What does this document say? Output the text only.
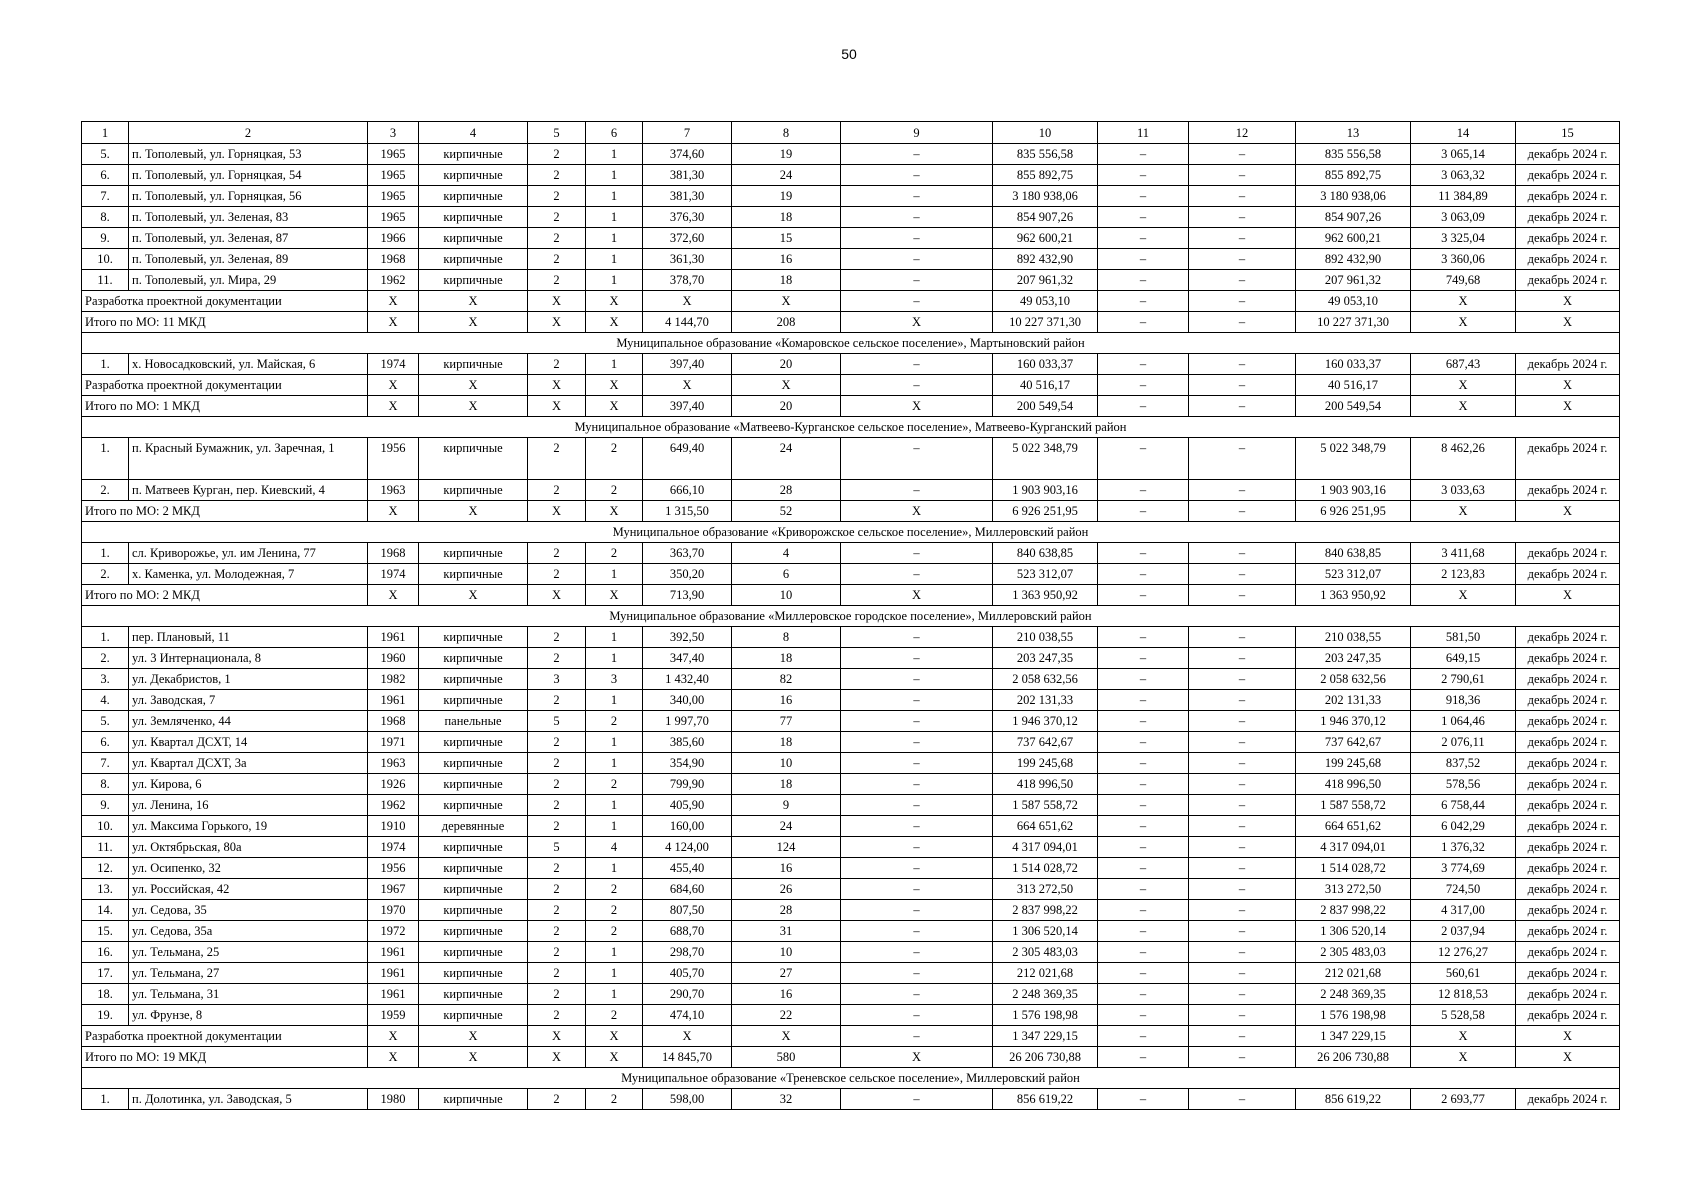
50
1	2	3	4	5	6	7	8	9	10	11	12	13	14	15
5.	п. Тополевый, ул. Горняцкая, 53	1965	кирпичные	2	1	374,60	19	–	835 556,58	–	–	835 556,58	3 065,14	декабрь 2024 г.
6.	п. Тополевый, ул. Горняцкая, 54	1965	кирпичные	2	1	381,30	24	–	855 892,75	–	–	855 892,75	3 063,32	декабрь 2024 г.
7.	п. Тополевый, ул. Горняцкая, 56	1965	кирпичные	2	1	381,30	19	–	3 180 938,06	–	–	3 180 938,06	11 384,89	декабрь 2024 г.
8.	п. Тополевый, ул. Зеленая, 83	1965	кирпичные	2	1	376,30	18	–	854 907,26	–	–	854 907,26	3 063,09	декабрь 2024 г.
9.	п. Тополевый, ул. Зеленая, 87	1966	кирпичные	2	1	372,60	15	–	962 600,21	–	–	962 600,21	3 325,04	декабрь 2024 г.
10.	п. Тополевый, ул. Зеленая, 89	1968	кирпичные	2	1	361,30	16	–	892 432,90	–	–	892 432,90	3 360,06	декабрь 2024 г.
11.	п. Тополевый, ул. Мира, 29	1962	кирпичные	2	1	378,70	18	–	207 961,32	–	–	207 961,32	749,68	декабрь 2024 г.
Разработка проектной документации		X	X	X	X	X	X	–	49 053,10	–	–	49 053,10	X	X
Итого по МО: 11 МКД		X	X	X	X	4 144,70	208	X	10 227 371,30	–	–	10 227 371,30	X	X
Муниципальное образование «Комаровское сельское поселение», Мартыновский район														
1.	х. Новосадковский, ул. Майская, 6	1974	кирпичные	2	1	397,40	20	–	160 033,37	–	–	160 033,37	687,43	декабрь 2024 г.
Разработка проектной документации		X	X	X	X	X	X	–	40 516,17	–	–	40 516,17	X	X
Итого по МО: 1 МКД		X	X	X	X	397,40	20	X	200 549,54	–	–	200 549,54	X	X
Муниципальное образование «Матвеево-Курганское сельское поселение», Матвеево-Курганский район														
1.	п. Красный Бумажник, ул. Заречная, 1	1956	кирпичные	2	2	649,40	24	–	5 022 348,79	–	–	5 022 348,79	8 462,26	декабрь 2024 г.
2.	п. Матвеев Курган, пер. Киевский, 4	1963	кирпичные	2	2	666,10	28	–	1 903 903,16	–	–	1 903 903,16	3 033,63	декабрь 2024 г.
Итого по МО: 2 МКД		X	X	X	X	1 315,50	52	X	6 926 251,95	–	–	6 926 251,95	X	X
Муниципальное образование «Криворожское сельское поселение», Миллеровский район														
1.	сл. Криворожье, ул. им Ленина, 77	1968	кирпичные	2	2	363,70	4	–	840 638,85	–	–	840 638,85	3 411,68	декабрь 2024 г.
2.	х. Каменка, ул. Молодежная, 7	1974	кирпичные	2	1	350,20	6	–	523 312,07	–	–	523 312,07	2 123,83	декабрь 2024 г.
Итого по МО: 2 МКД		X	X	X	X	713,90	10	X	1 363 950,92	–	–	1 363 950,92	X	X
Муниципальное образование «Миллеровское городское поселение», Миллеровский район														
1.	пер. Плановый, 11	1961	кирпичные	2	1	392,50	8	–	210 038,55	–	–	210 038,55	581,50	декабрь 2024 г.
2.	ул. 3 Интернационала, 8	1960	кирпичные	2	1	347,40	18	–	203 247,35	–	–	203 247,35	649,15	декабрь 2024 г.
3.	ул. Декабристов, 1	1982	кирпичные	3	3	1 432,40	82	–	2 058 632,56	–	–	2 058 632,56	2 790,61	декабрь 2024 г.
4.	ул. Заводская, 7	1961	кирпичные	2	1	340,00	16	–	202 131,33	–	–	202 131,33	918,36	декабрь 2024 г.
5.	ул. Земляченко, 44	1968	панельные	5	2	1 997,70	77	–	1 946 370,12	–	–	1 946 370,12	1 064,46	декабрь 2024 г.
6.	ул. Квартал ДСХТ, 14	1971	кирпичные	2	1	385,60	18	–	737 642,67	–	–	737 642,67	2 076,11	декабрь 2024 г.
7.	ул. Квартал ДСХТ, 3а	1963	кирпичные	2	1	354,90	10	–	199 245,68	–	–	199 245,68	837,52	декабрь 2024 г.
8.	ул. Кирова, 6	1926	кирпичные	2	2	799,90	18	–	418 996,50	–	–	418 996,50	578,56	декабрь 2024 г.
9.	ул. Ленина, 16	1962	кирпичные	2	1	405,90	9	–	1 587 558,72	–	–	1 587 558,72	6 758,44	декабрь 2024 г.
10.	ул. Максима Горького, 19	1910	деревянные	2	1	160,00	24	–	664 651,62	–	–	664 651,62	6 042,29	декабрь 2024 г.
11.	ул. Октябрьская, 80а	1974	кирпичные	5	4	4 124,00	124	–	4 317 094,01	–	–	4 317 094,01	1 376,32	декабрь 2024 г.
12.	ул. Осипенко, 32	1956	кирпичные	2	1	455,40	16	–	1 514 028,72	–	–	1 514 028,72	3 774,69	декабрь 2024 г.
13.	ул. Российская, 42	1967	кирпичные	2	2	684,60	26	–	313 272,50	–	–	313 272,50	724,50	декабрь 2024 г.
14.	ул. Седова, 35	1970	кирпичные	2	2	807,50	28	–	2 837 998,22	–	–	2 837 998,22	4 317,00	декабрь 2024 г.
15.	ул. Седова, 35а	1972	кирпичные	2	2	688,70	31	–	1 306 520,14	–	–	1 306 520,14	2 037,94	декабрь 2024 г.
16.	ул. Тельмана, 25	1961	кирпичные	2	1	298,70	10	–	2 305 483,03	–	–	2 305 483,03	12 276,27	декабрь 2024 г.
17.	ул. Тельмана, 27	1961	кирпичные	2	1	405,70	27	–	212 021,68	–	–	212 021,68	560,61	декабрь 2024 г.
18.	ул. Тельмана, 31	1961	кирпичные	2	1	290,70	16	–	2 248 369,35	–	–	2 248 369,35	12 818,53	декабрь 2024 г.
19.	ул. Фрунзе, 8	1959	кирпичные	2	2	474,10	22	–	1 576 198,98	–	–	1 576 198,98	5 528,58	декабрь 2024 г.
Разработка проектной документации		X	X	X	X	X	X	–	1 347 229,15	–	–	1 347 229,15	X	X
Итого по МО: 19 МКД		X	X	X	X	14 845,70	580	X	26 206 730,88	–	–	26 206 730,88	X	X
Муниципальное образование «Треневское сельское поселение», Миллеровский район														
1.	п. Долотинка, ул. Заводская, 5	1980	кирпичные	2	2	598,00	32	–	856 619,22	–	–	856 619,22	2 693,77	декабрь 2024 г.
